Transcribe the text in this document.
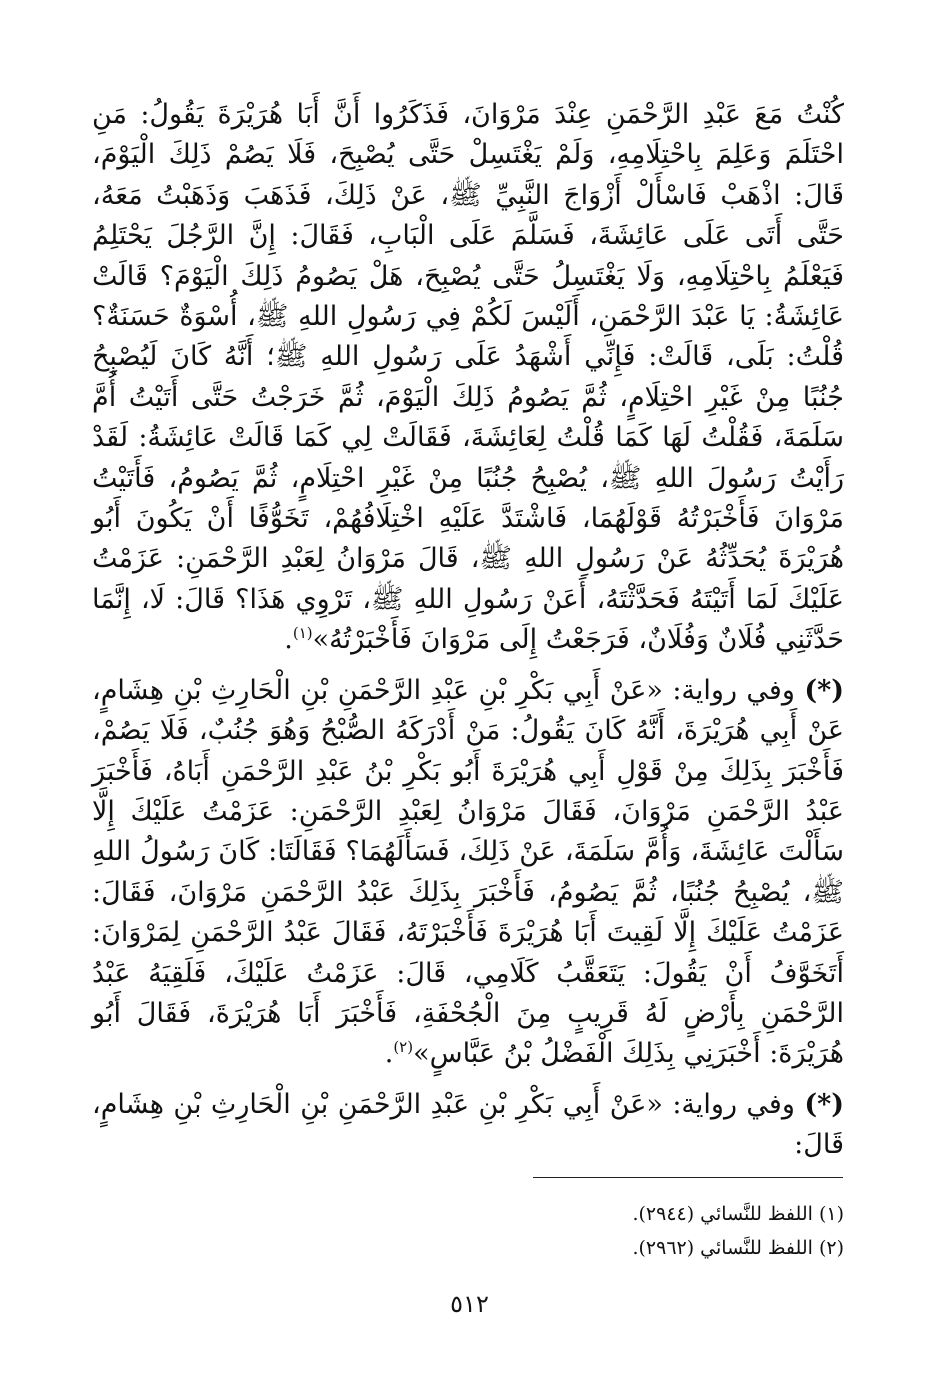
كُنْتُ مَعَ عَبْدِ الرَّحْمَنِ عِنْدَ مَرْوَانَ، فَذَكَرُوا أَنَّ أَبَا هُرَيْرَةَ يَقُولُ: مَنِ احْتَلَمَ وَعَلِمَ بِاحْتِلَامِهِ، وَلَمْ يَغْتَسِلْ حَتَّى يُصْبِحَ، فَلَا يَصُمْ ذَلِكَ الْيَوْمَ، قَالَ: اذْهَبْ فَاسْأَلْ أَزْوَاجَ النَّبِيِّ ﷺ، عَنْ ذَلِكَ، فَذَهَبَ وَذَهَبْتُ مَعَهُ، حَتَّى أَتَى عَلَى عَائِشَةَ، فَسَلَّمَ عَلَى الْبَابِ، فَقَالَ: إِنَّ الرَّجُلَ يَحْتَلِمُ فَيَعْلَمُ بِاحْتِلَامِهِ، وَلَا يَغْتَسِلُ حَتَّى يُصْبِحَ، هَلْ يَصُومُ ذَلِكَ الْيَوْمَ؟ قَالَتْ عَائِشَةُ: يَا عَبْدَ الرَّحْمَنِ، أَلَيْسَ لَكُمْ فِي رَسُولِ اللهِ ﷺ، أُسْوَةٌ حَسَنَةٌ؟ قُلْتُ: بَلَى، قَالَتْ: فَإِنِّي أَشْهَدُ عَلَى رَسُولِ اللهِ ﷺ؛ أَنَّهُ كَانَ لَيُصْبِحُ جُنُبًا مِنْ غَيْرِ احْتِلَامٍ، ثُمَّ يَصُومُ ذَلِكَ الْيَوْمَ، ثُمَّ خَرَجْتُ حَتَّى أَتَيْتُ أُمَّ سَلَمَةَ، فَقُلْتُ لَهَا كَمَا قُلْتُ لِعَائِشَةَ، فَقَالَتْ لِي كَمَا قَالَتْ عَائِشَةُ: لَقَدْ رَأَيْتُ رَسُولَ اللهِ ﷺ، يُصْبِحُ جُنُبًا مِنْ غَيْرِ احْتِلَامٍ، ثُمَّ يَصُومُ، فَأَتَيْتُ مَرْوَانَ فَأَخْبَرْتُهُ قَوْلَهُمَا، فَاشْتَدَّ عَلَيْهِ اخْتِلَافُهُمْ، تَخَوُّفًا أَنْ يَكُونَ أَبُو هُرَيْرَةَ يُحَدِّثُهُ عَنْ رَسُولِ اللهِ ﷺ، قَالَ مَرْوَانُ لِعَبْدِ الرَّحْمَنِ: عَزَمْتُ عَلَيْكَ لَمَا أَتَيْتَهُ فَحَدَّثْتَهُ، أَعَنْ رَسُولِ اللهِ ﷺ، تَرْوِي هَذَا؟ قَالَ: لَا، إِنَّمَا حَدَّثَنِي فُلَانٌ وَفُلَانٌ، فَرَجَعْتُ إِلَى مَرْوَانَ فَأَخْبَرْتُهُ»$^{(١)}$.

(*) وفي رواية: «عَنْ أَبِي بَكْرِ بْنِ عَبْدِ الرَّحْمَنِ بْنِ الْحَارِثِ بْنِ هِشَامٍ، عَنْ أَبِي هُرَيْرَةَ، أَنَّهُ كَانَ يَقُولُ: مَنْ أَدْرَكَهُ الصُّبْحُ وَهُوَ جُنُبٌ، فَلَا يَصُمْ، فَأَخْبَرَ بِذَلِكَ مِنْ قَوْلِ أَبِي هُرَيْرَةَ أَبُو بَكْرِ بْنُ عَبْدِ الرَّحْمَنِ أَبَاهُ، فَأَخْبَرَ عَبْدُ الرَّحْمَنِ مَرْوَانَ، فَقَالَ مَرْوَانُ لِعَبْدِ الرَّحْمَنِ: عَزَمْتُ عَلَيْكَ إِلَّا سَأَلْتَ عَائِشَةَ، وَأُمَّ سَلَمَةَ، عَنْ ذَلِكَ، فَسَأَلَهُمَا؟ فَقَالَتَا: كَانَ رَسُولُ اللهِ ﷺ، يُصْبِحُ جُنُبًا، ثُمَّ يَصُومُ، فَأَخْبَرَ بِذَلِكَ عَبْدُ الرَّحْمَنِ مَرْوَانَ، فَقَالَ: عَزَمْتُ عَلَيْكَ إِلَّا لَقِيتَ أَبَا هُرَيْرَةَ فَأَخْبَرْتَهُ، فَقَالَ عَبْدُ الرَّحْمَنِ لِمَرْوَانَ: أَتَخَوَّفُ أَنْ يَقُولَ: يَتَعَقَّبُ كَلَامِي، قَالَ: عَزَمْتُ عَلَيْكَ، فَلَقِيَهُ عَبْدُ الرَّحْمَنِ بِأَرْضٍ لَهُ قَرِيبٍ مِنَ الْجُحْفَةِ، فَأَخْبَرَ أَبَا هُرَيْرَةَ، فَقَالَ أَبُو هُرَيْرَةَ: أَخْبَرَنِي بِذَلِكَ الْفَضْلُ بْنُ عَبَّاسٍ»$^{(٢)}$.

(*) وفي رواية: «عَنْ أَبِي بَكْرِ بْنِ عَبْدِ الرَّحْمَنِ بْنِ الْحَارِثِ بْنِ هِشَامٍ، قَالَ:

(١) اللفظ للنَّسائي (٢٩٤٤).
(٢) اللفظ للنَّسائي (٢٩٦٢).
٥١٢
